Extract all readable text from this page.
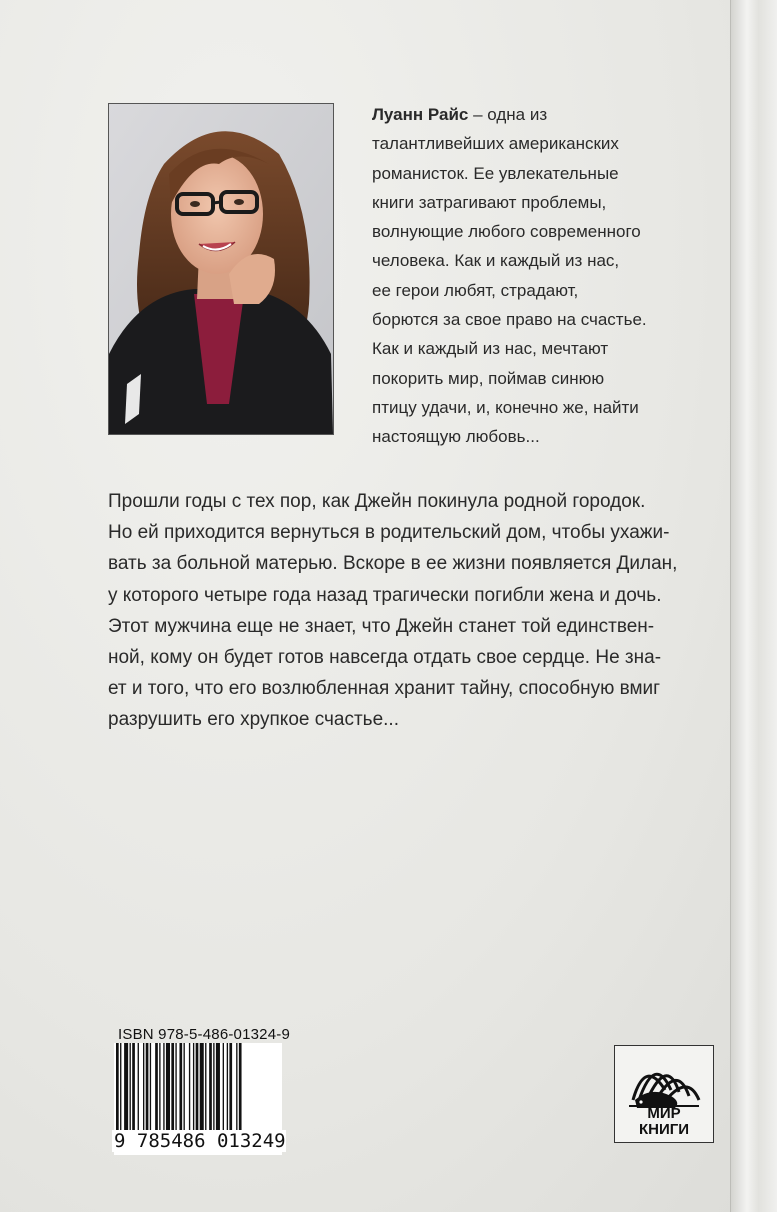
Луанн Райс – одна из
талантливейших американских
романисток. Ее увлекательные
книги затрагивают проблемы,
волнующие любого современного
человека. Как и каждый из нас,
ее герои любят, страдают,
борются за свое право на счастье.
Как и каждый из нас, мечтают
покорить мир, поймав синюю
птицу удачи, и, конечно же, найти
настоящую любовь...
Прошли годы с тех пор, как Джейн покинула родной городок.
Но ей приходится вернуться в родительский дом, чтобы ухажи-
вать за больной матерью. Вскоре в ее жизни появляется Дилан,
у которого четыре года назад трагически погибли жена и дочь.
Этот мужчина еще не знает, что Джейн станет той единствен-
ной, кому он будет готов навсегда отдать свое сердце. Не зна-
ет и того, что его возлюбленная хранит тайну, способную вмиг
разрушить его хрупкое счастье...
ISBN 978-5-486-01324-9
9 785486 013249
МИР
КНИГИ
